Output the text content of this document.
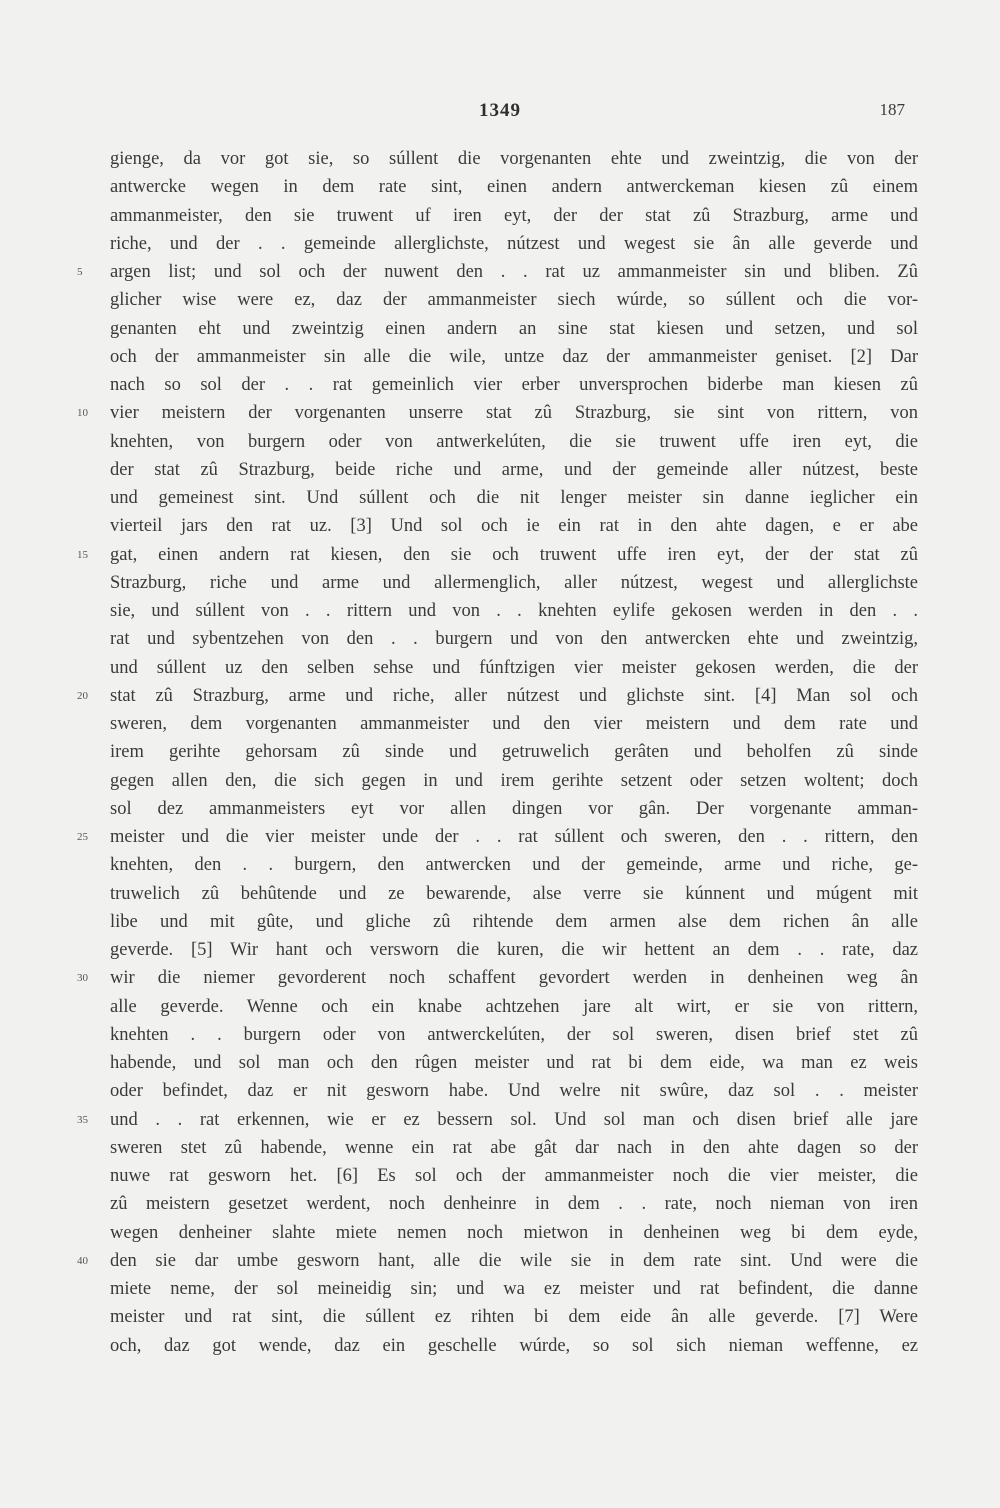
1349	187
gienge, da vor got sie, so súllent die vorgenanten ehte und zweintzig, die von der
antwercke wegen in dem rate sint, einen andern antwerckeman kiesen zû einem
ammanmeister, den sie truwent uf iren eyt, der der stat zû Strazburg, arme und
riche, und der . . gemeinde allerglichste, nútzest und wegest sie ân alle geverde und
5	argen list; und sol och der nuwent den . . rat uz ammanmeister sin und bliben. Zû
glicher wise were ez, daz der ammanmeister siech wúrde, so súllent och die vor-
genanten eht und zweintzig einen andern an sine stat kiesen und setzen, und sol
och der ammanmeister sin alle die wile, untze daz der ammanmeister geniset. [2] Dar
nach so sol der . . rat gemeinlich vier erber unversprochen biderbe man kiesen zû
10	vier meistern der vorgenanten unserre stat zû Strazburg, sie sint von rittern, von
knehten, von burgern oder von antwerkelúten, die sie truwent uffe iren eyt, die
der stat zû Strazburg, beide riche und arme, und der gemeinde aller nútzest, beste
und gemeinest sint. Und súllent och die nit lenger meister sin danne ieglicher ein
vierteil jars den rat uz. [3] Und sol och ie ein rat in den ahte dagen, e er abe
15	gat, einen andern rat kiesen, den sie och truwent uffe iren eyt, der der stat zû
Strazburg, riche und arme und allermenglich, aller nútzest, wegest und allerglichste
sie, und súllent von . . rittern und von . . knehten eylife gekosen werden in den . .
rat und sybentzehen von den . . burgern und von den antwercken ehte und zweintzig,
und súllent uz den selben sehse und fúnftzigen vier meister gekosen werden, die der
20	stat zû Strazburg, arme und riche, aller nútzest und glichste sint. [4] Man sol och
sweren, dem vorgenanten ammanmeister und den vier meistern und dem rate und
irem gerihte gehorsam zû sinde und getruwelich gerâten und beholfen zû sinde
gegen allen den, die sich gegen in und irem gerihte setzent oder setzen woltent; doch
sol dez ammanmeisters eyt vor allen dingen vor gân. Der vorgenante amman-
25	meister und die vier meister unde der . . rat súllent och sweren, den . . rittern, den
knehten, den . . burgern, den antwercken und der gemeinde, arme und riche, ge-
truwelich zû behûtende und ze bewarende, alse verre sie kúnnent und múgent mit
libe und mit gûte, und gliche zû rihtende dem armen alse dem richen ân alle
geverde. [5] Wir hant och versworn die kuren, die wir hettent an dem . . rate, daz
30	wir die niemer gevorderent noch schaffent gevordert werden in denheinen weg ân
alle geverde. Wenne och ein knabe achtzehen jare alt wirt, er sie von rittern,
knehten . . burgern oder von antwerckelúten, der sol sweren, disen brief stet zû
habende, und sol man och den rûgen meister und rat bi dem eide, wa man ez weis
oder befindet, daz er nit gesworn habe. Und welre nit swûre, daz sol . . meister
35	und . . rat erkennen, wie er ez bessern sol. Und sol man och disen brief alle jare
sweren stet zû habende, wenne ein rat abe gât dar nach in den ahte dagen so der
nuwe rat gesworn het. [6] Es sol och der ammanmeister noch die vier meister, die
zû meistern gesetzet werdent, noch denheinre in dem . . rate, noch nieman von iren
wegen denheiner slahte miete nemen noch mietwon in denheinen weg bi dem eyde,
40	den sie dar umbe gesworn hant, alle die wile sie in dem rate sint. Und were die
miete neme, der sol meineidig sin; und wa ez meister und rat befindent, die danne
meister und rat sint, die súllent ez rihten bi dem eide ân alle geverde. [7] Were
och, daz got wende, daz ein geschelle wúrde, so sol sich nieman weffenne, ez
